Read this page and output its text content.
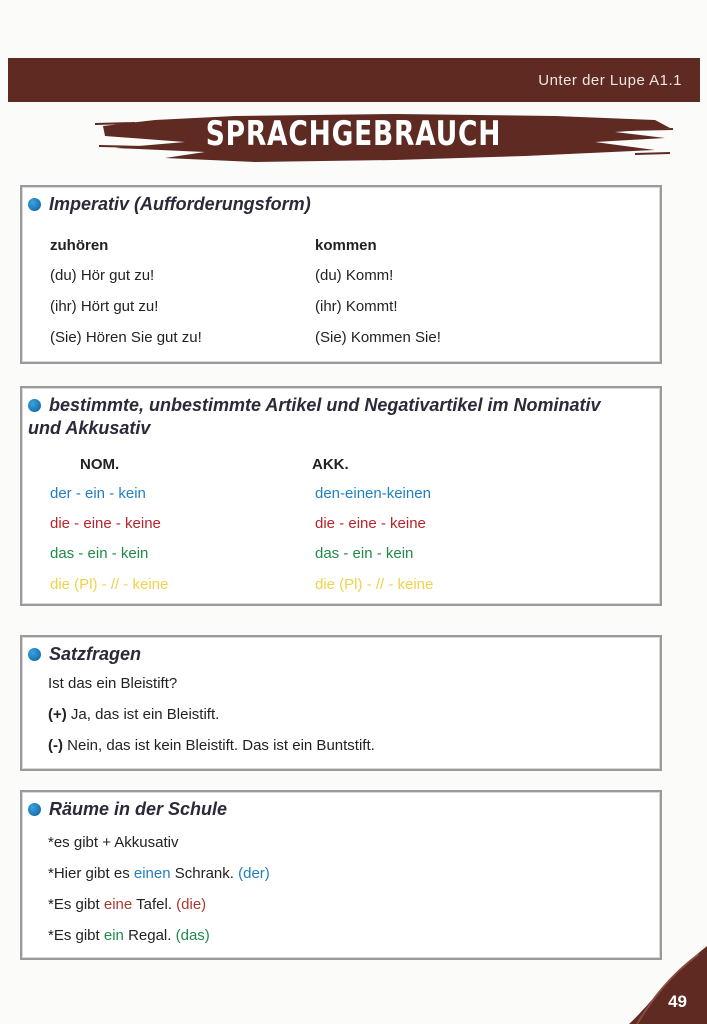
Unter der Lupe A1.1
SPRACHGEBRAUCH
Imperativ (Aufforderungsform)
zuhören
(du) Hör gut zu!
(ihr) Hört gut zu!
(Sie) Hören Sie gut zu!
kommen
(du) Komm!
(ihr) Kommt!
(Sie) Kommen Sie!
bestimmte, unbestimmte Artikel und Negativartikel im Nominativ
und Akkusativ
NOM.	AKK.
der - ein - kein
die - eine - keine
das - ein - kein
die (Pl) - // - keine
den-einen-keinen
die - eine - keine
das - ein - kein
die (Pl) - // - keine
Satzfragen
Ist das ein Bleistift?
(+) Ja, das ist ein Bleistift.
(-) Nein, das ist kein Bleistift. Das ist ein Buntstift.
Räume in der Schule
*es gibt + Akkusativ
*Hier gibt es einen Schrank. (der)
*Es gibt eine Tafel. (die)
*Es gibt ein Regal. (das)
49
